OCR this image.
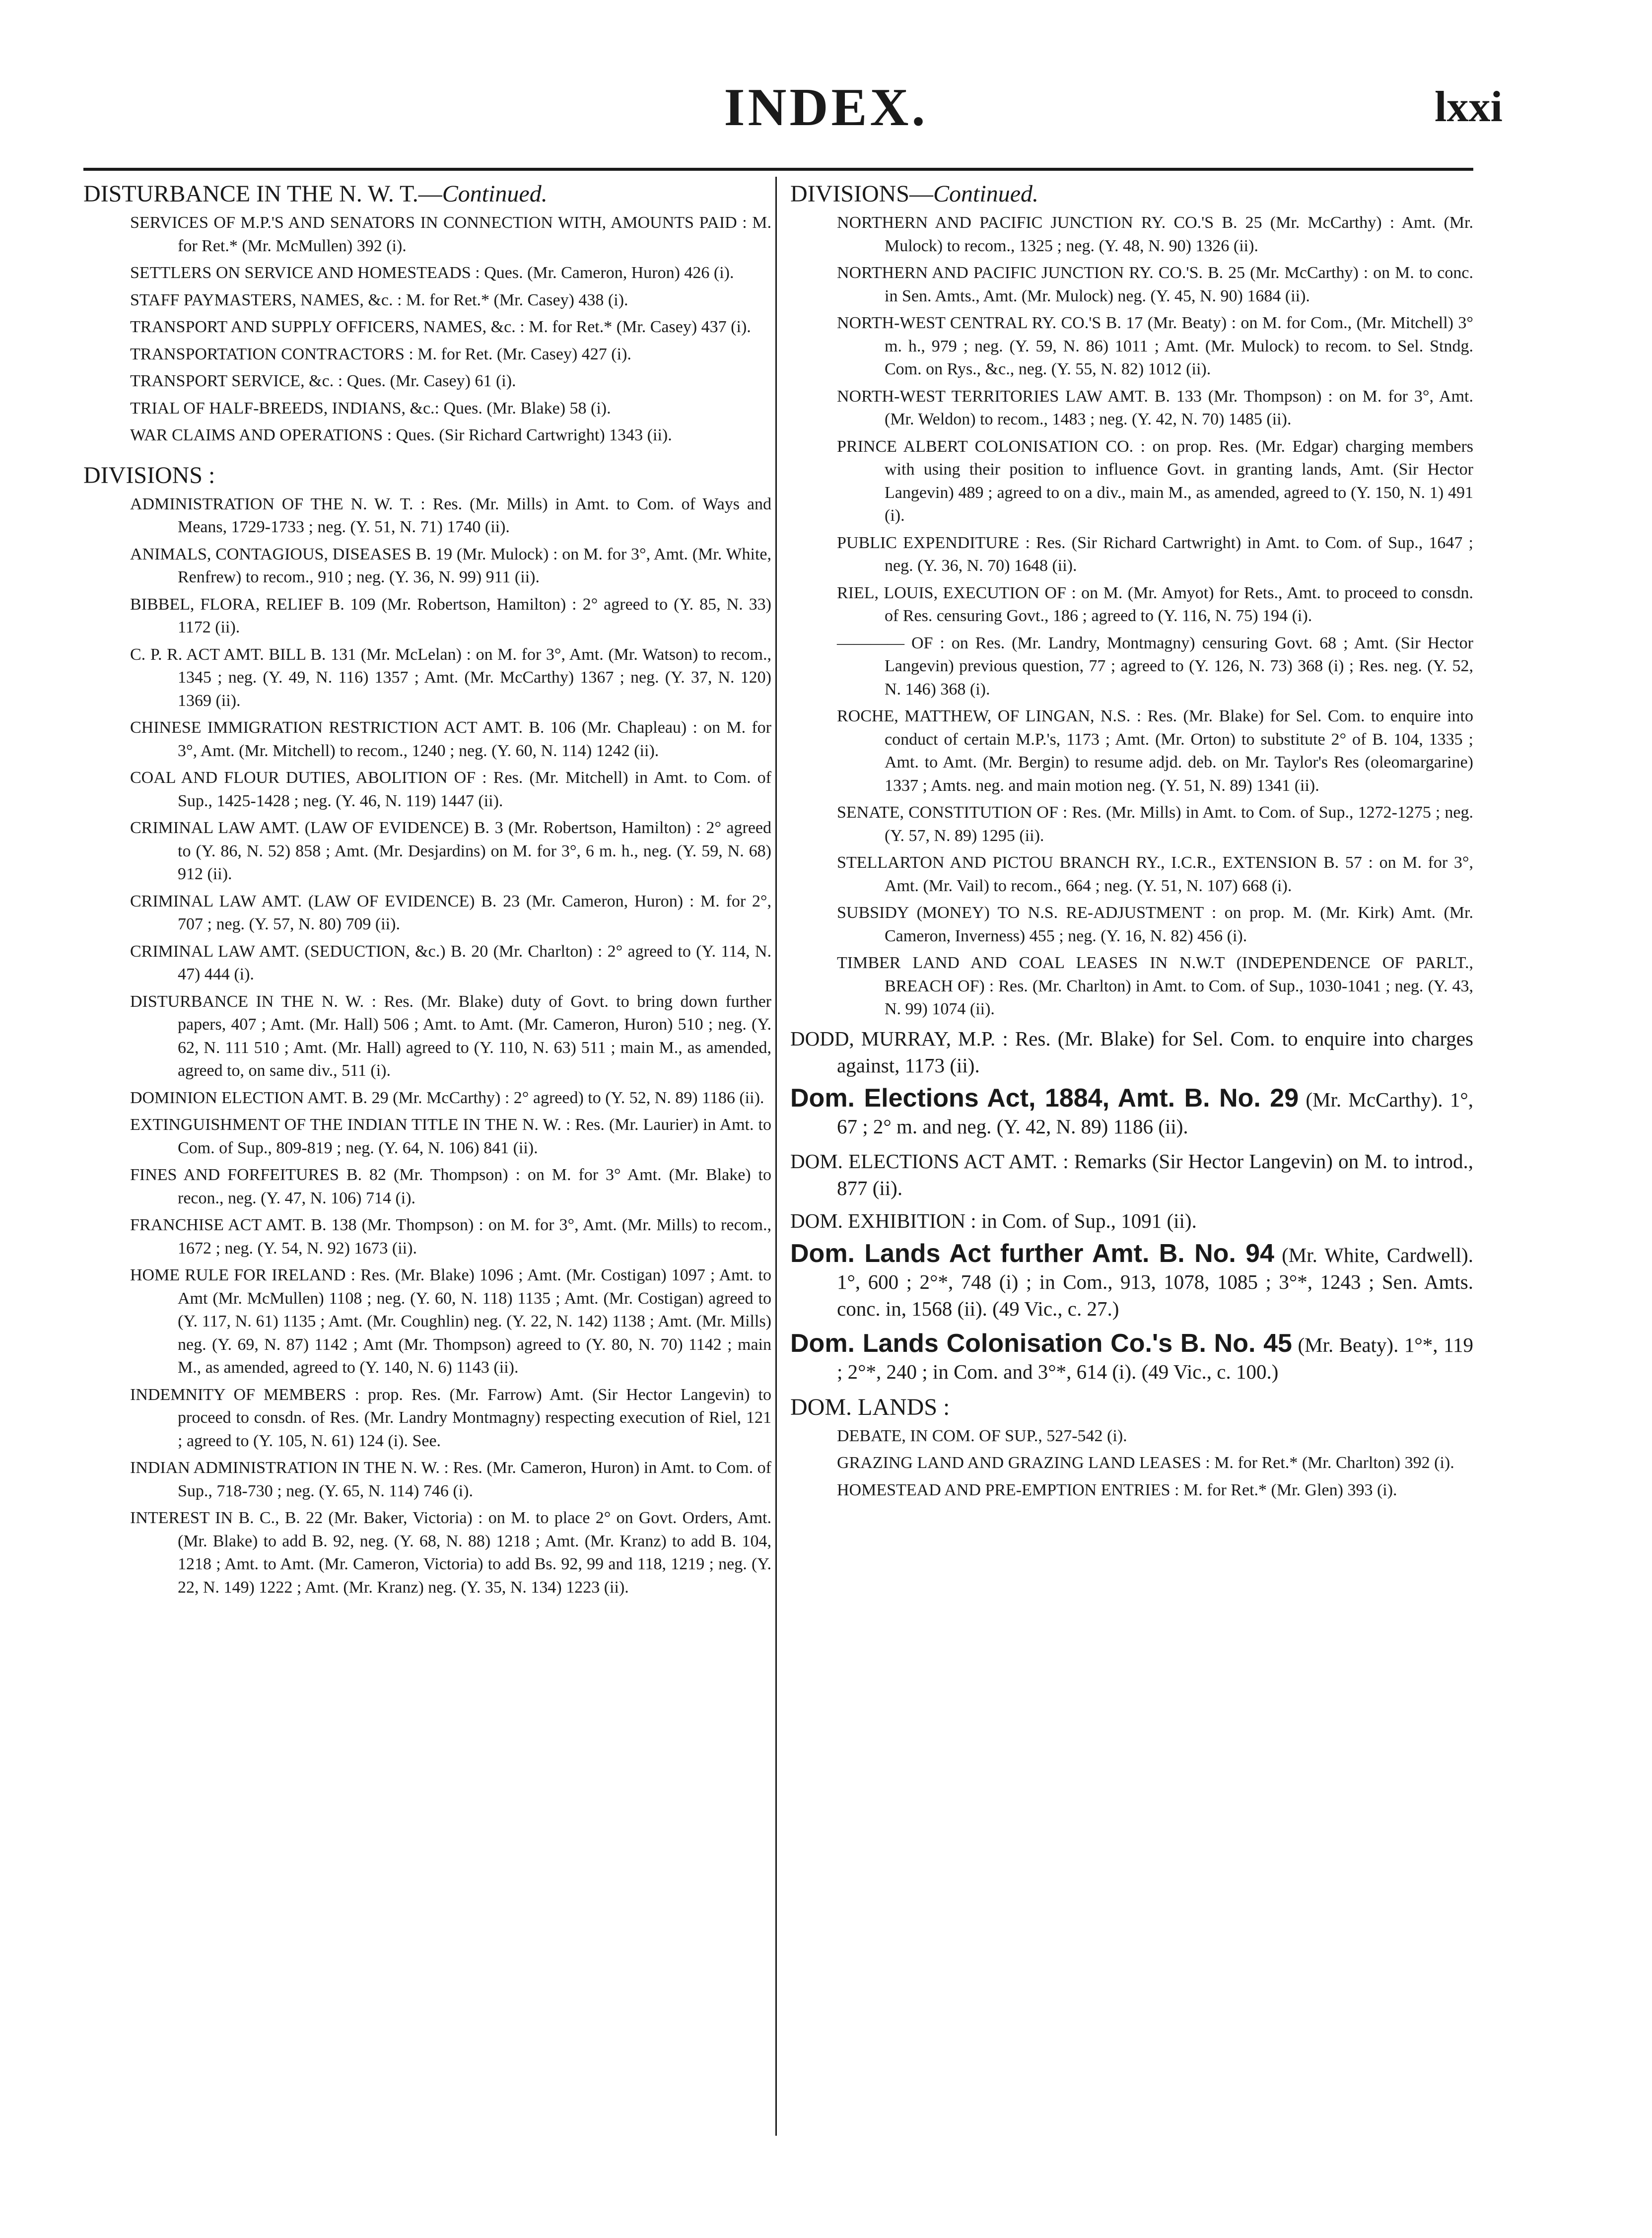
INDEX.	lxxi
DISTURBANCE IN THE N. W. T.—Continued.

SERVICES OF M.P.'S AND SENATORS IN CONNECTION WITH, AMOUNTS PAID : M. for Ret.* (Mr. McMullen) 392 (i).

SETTLERS ON SERVICE AND HOMESTEADS : Ques. (Mr. Cameron, Huron) 426 (i).

STAFF PAYMASTERS, NAMES, &c. : M. for Ret.* (Mr. Casey) 438 (i).

TRANSPORT AND SUPPLY OFFICERS, NAMES, &c. : M. for Ret.* (Mr. Casey) 437 (i).

TRANSPORTATION CONTRACTORS : M. for Ret. (Mr. Casey) 427 (i).

TRANSPORT SERVICE, &c. : Ques. (Mr. Casey) 61 (i).

TRIAL OF HALF-BREEDS, INDIANS, &c.: Ques. (Mr. Blake) 58 (i).

WAR CLAIMS AND OPERATIONS : Ques. (Sir Richard Cartwright) 1343 (ii).

DIVISIONS :

ADMINISTRATION OF THE N. W. T. : Res. (Mr. Mills) in Amt. to Com. of Ways and Means, 1729-1733 ; neg. (Y. 51, N. 71) 1740 (ii).

ANIMALS, CONTAGIOUS, DISEASES B. 19 (Mr. Mulock) : on M. for 3°, Amt. (Mr. White, Renfrew) to recom., 910 ; neg. (Y. 36, N. 99) 911 (ii).

BIBBEL, FLORA, RELIEF B. 109 (Mr. Robertson, Hamilton) : 2° agreed to (Y. 85, N. 33) 1172 (ii).

C. P. R. ACT AMT. BILL B. 131 (Mr. McLelan) : on M. for 3°, Amt. (Mr. Watson) to recom., 1345 ; neg. (Y. 49, N. 116) 1357 ; Amt. (Mr. McCarthy) 1367 ; neg. (Y. 37, N. 120) 1369 (ii).

CHINESE IMMIGRATION RESTRICTION ACT AMT. B. 106 (Mr. Chapleau) : on M. for 3°, Amt. (Mr. Mitchell) to recom., 1240 ; neg. (Y. 60, N. 114) 1242 (ii).

COAL AND FLOUR DUTIES, ABOLITION OF : Res. (Mr. Mitchell) in Amt. to Com. of Sup., 1425-1428 ; neg. (Y. 46, N. 119) 1447 (ii).

CRIMINAL LAW AMT. (LAW OF EVIDENCE) B. 3 (Mr. Robertson, Hamilton) : 2° agreed to (Y. 86, N. 52) 858 ; Amt. (Mr. Desjardins) on M. for 3°, 6 m. h., neg. (Y. 59, N. 68) 912 (ii).

CRIMINAL LAW AMT. (LAW OF EVIDENCE) B. 23 (Mr. Cameron, Huron) : M. for 2°, 707 ; neg. (Y. 57, N. 80) 709 (ii).

CRIMINAL LAW AMT. (SEDUCTION, &c.) B. 20 (Mr. Charlton) : 2° agreed to (Y. 114, N. 47) 444 (i).

DISTURBANCE IN THE N. W. : Res. (Mr. Blake) duty of Govt. to bring down further papers, 407 ; Amt. (Mr. Hall) 506 ; Amt. to Amt. (Mr. Cameron, Huron) 510 ; neg. (Y. 62, N. 111 510 ; Amt. (Mr. Hall) agreed to (Y. 110, N. 63) 511 ; main M., as amended, agreed to, on same div., 511 (i).

DOMINION ELECTION AMT. B. 29 (Mr. McCarthy) : 2° agreed) to (Y. 52, N. 89) 1186 (ii).

EXTINGUISHMENT OF THE INDIAN TITLE IN THE N. W. : Res. (Mr. Laurier) in Amt. to Com. of Sup., 809-819 ; neg. (Y. 64, N. 106) 841 (ii).

FINES AND FORFEITURES B. 82 (Mr. Thompson) : on M. for 3° Amt. (Mr. Blake) to recon., neg. (Y. 47, N. 106) 714 (i).

FRANCHISE ACT AMT. B. 138 (Mr. Thompson) : on M. for 3°, Amt. (Mr. Mills) to recom., 1672 ; neg. (Y. 54, N. 92) 1673 (ii).

HOME RULE FOR IRELAND : Res. (Mr. Blake) 1096 ; Amt. (Mr. Costigan) 1097 ; Amt. to Amt (Mr. McMullen) 1108 ; neg. (Y. 60, N. 118) 1135 ; Amt. (Mr. Costigan) agreed to (Y. 117, N. 61) 1135 ; Amt. (Mr. Coughlin) neg. (Y. 22, N. 142) 1138 ; Amt. (Mr. Mills) neg. (Y. 69, N. 87) 1142 ; Amt (Mr. Thompson) agreed to (Y. 80, N. 70) 1142 ; main M., as amended, agreed to (Y. 140, N. 6) 1143 (ii).

INDEMNITY OF MEMBERS : prop. Res. (Mr. Farrow) Amt. (Sir Hector Langevin) to proceed to consdn. of Res. (Mr. Landry Montmagny) respecting execution of Riel, 121 ; agreed to (Y. 105, N. 61) 124 (i). See.

INDIAN ADMINISTRATION IN THE N. W. : Res. (Mr. Cameron, Huron) in Amt. to Com. of Sup., 718-730 ; neg. (Y. 65, N. 114) 746 (i).

INTEREST IN B. C., B. 22 (Mr. Baker, Victoria) : on M. to place 2° on Govt. Orders, Amt. (Mr. Blake) to add B. 92, neg. (Y. 68, N. 88) 1218 ; Amt. (Mr. Kranz) to add B. 104, 1218 ; Amt. to Amt. (Mr. Cameron, Victoria) to add Bs. 92, 99 and 118, 1219 ; neg. (Y. 22, N. 149) 1222 ; Amt. (Mr. Kranz) neg. (Y. 35, N. 134) 1223 (ii).

DIVISIONS—Continued.

NORTHERN AND PACIFIC JUNCTION RY. CO.'S B. 25 (Mr. McCarthy) : Amt. (Mr. Mulock) to recom., 1325 ; neg. (Y. 48, N. 90) 1326 (ii).

NORTHERN AND PACIFIC JUNCTION RY. CO.'S. B. 25 (Mr. McCarthy) : on M. to conc. in Sen. Amts., Amt. (Mr. Mulock) neg. (Y. 45, N. 90) 1684 (ii).

NORTH-WEST CENTRAL RY. CO.'S B. 17 (Mr. Beaty) : on M. for Com., (Mr. Mitchell) 3° m. h., 979 ; neg. (Y. 59, N. 86) 1011 ; Amt. (Mr. Mulock) to recom. to Sel. Stndg. Com. on Rys., &c., neg. (Y. 55, N. 82) 1012 (ii).

NORTH-WEST TERRITORIES LAW AMT. B. 133 (Mr. Thompson) : on M. for 3°, Amt. (Mr. Weldon) to recom., 1483 ; neg. (Y. 42, N. 70) 1485 (ii).

PRINCE ALBERT COLONISATION CO. : on prop. Res. (Mr. Edgar) charging members with using their position to influence Govt. in granting lands, Amt. (Sir Hector Langevin) 489 ; agreed to on a div., main M., as amended, agreed to (Y. 150, N. 1) 491 (i).

PUBLIC EXPENDITURE : Res. (Sir Richard Cartwright) in Amt. to Com. of Sup., 1647 ; neg. (Y. 36, N. 70) 1648 (ii).

RIEL, LOUIS, EXECUTION OF : on M. (Mr. Amyot) for Rets., Amt. to proceed to consdn. of Res. censuring Govt., 186 ; agreed to (Y. 116, N. 75) 194 (i).

———— OF : on Res. (Mr. Landry, Montmagny) censuring Govt. 68 ; Amt. (Sir Hector Langevin) previous question, 77 ; agreed to (Y. 126, N. 73) 368 (i) ; Res. neg. (Y. 52, N. 146) 368 (i).

ROCHE, MATTHEW, OF LINGAN, N.S. : Res. (Mr. Blake) for Sel. Com. to enquire into conduct of certain M.P.'s, 1173 ; Amt. (Mr. Orton) to substitute 2° of B. 104, 1335 ; Amt. to Amt. (Mr. Bergin) to resume adjd. deb. on Mr. Taylor's Res (oleomargarine) 1337 ; Amts. neg. and main motion neg. (Y. 51, N. 89) 1341 (ii).

SENATE, CONSTITUTION OF : Res. (Mr. Mills) in Amt. to Com. of Sup., 1272-1275 ; neg. (Y. 57, N. 89) 1295 (ii).

STELLARTON AND PICTOU BRANCH RY., I.C.R., EXTENSION B. 57 : on M. for 3°, Amt. (Mr. Vail) to recom., 664 ; neg. (Y. 51, N. 107) 668 (i).

SUBSIDY (MONEY) TO N.S. RE-ADJUSTMENT : on prop. M. (Mr. Kirk) Amt. (Mr. Cameron, Inverness) 455 ; neg. (Y. 16, N. 82) 456 (i).

TIMBER LAND AND COAL LEASES IN N.W.T (INDEPENDENCE OF PARLT., BREACH OF) : Res. (Mr. Charlton) in Amt. to Com. of Sup., 1030-1041 ; neg. (Y. 43, N. 99) 1074 (ii).

DODD, MURRAY, M.P. : Res. (Mr. Blake) for Sel. Com. to enquire into charges against, 1173 (ii).

Dom. Elections Act, 1884, Amt. B. No. 29 (Mr. McCarthy). 1°, 67 ; 2° m. and neg. (Y. 42, N. 89) 1186 (ii).

DOM. ELECTIONS ACT AMT. : Remarks (Sir Hector Langevin) on M. to introd., 877 (ii).

DOM. EXHIBITION : in Com. of Sup., 1091 (ii).

Dom. Lands Act further Amt. B. No. 94 (Mr. White, Cardwell). 1°, 600 ; 2°*, 748 (i) ; in Com., 913, 1078, 1085 ; 3°*, 1243 ; Sen. Amts. conc. in, 1568 (ii). (49 Vic., c. 27.)

Dom. Lands Colonisation Co.'s B. No. 45 (Mr. Beaty). 1°*, 119 ; 2°*, 240 ; in Com. and 3°*, 614 (i). (49 Vic., c. 100.)

DOM. LANDS :

DEBATE, IN COM. OF SUP., 527-542 (i).

GRAZING LAND AND GRAZING LAND LEASES : M. for Ret.* (Mr. Charlton) 392 (i).

HOMESTEAD AND PRE-EMPTION ENTRIES : M. for Ret.* (Mr. Glen) 393 (i).
